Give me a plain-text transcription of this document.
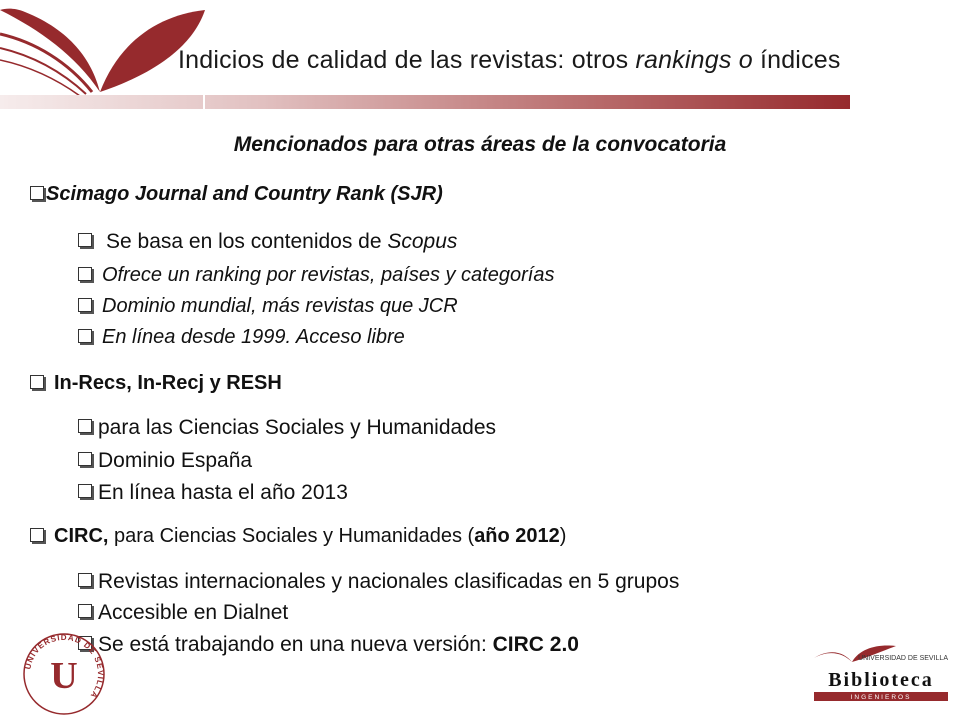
Indicios de calidad de las revistas: otros rankings o índices
Mencionados para otras áreas de la convocatoria
Scimago Journal and Country Rank (SJR)
Se basa en los contenidos de Scopus
Ofrece un ranking por revistas, países y categorías
Dominio mundial, más revistas que JCR
En línea desde 1999. Acceso libre
In-Recs, In-Recj y RESH
para las Ciencias Sociales y Humanidades
Dominio España
En línea hasta el año 2013
CIRC, para Ciencias Sociales y Humanidades (año 2012)
Revistas internacionales y nacionales clasificadas en 5 grupos
Accesible en Dialnet
Se está trabajando en una nueva versión: CIRC 2.0
UNIVERSIDAD DE SEVILLA
U	UNIVERSIDAD DE SEVILLA
Biblioteca
INGENIEROS
